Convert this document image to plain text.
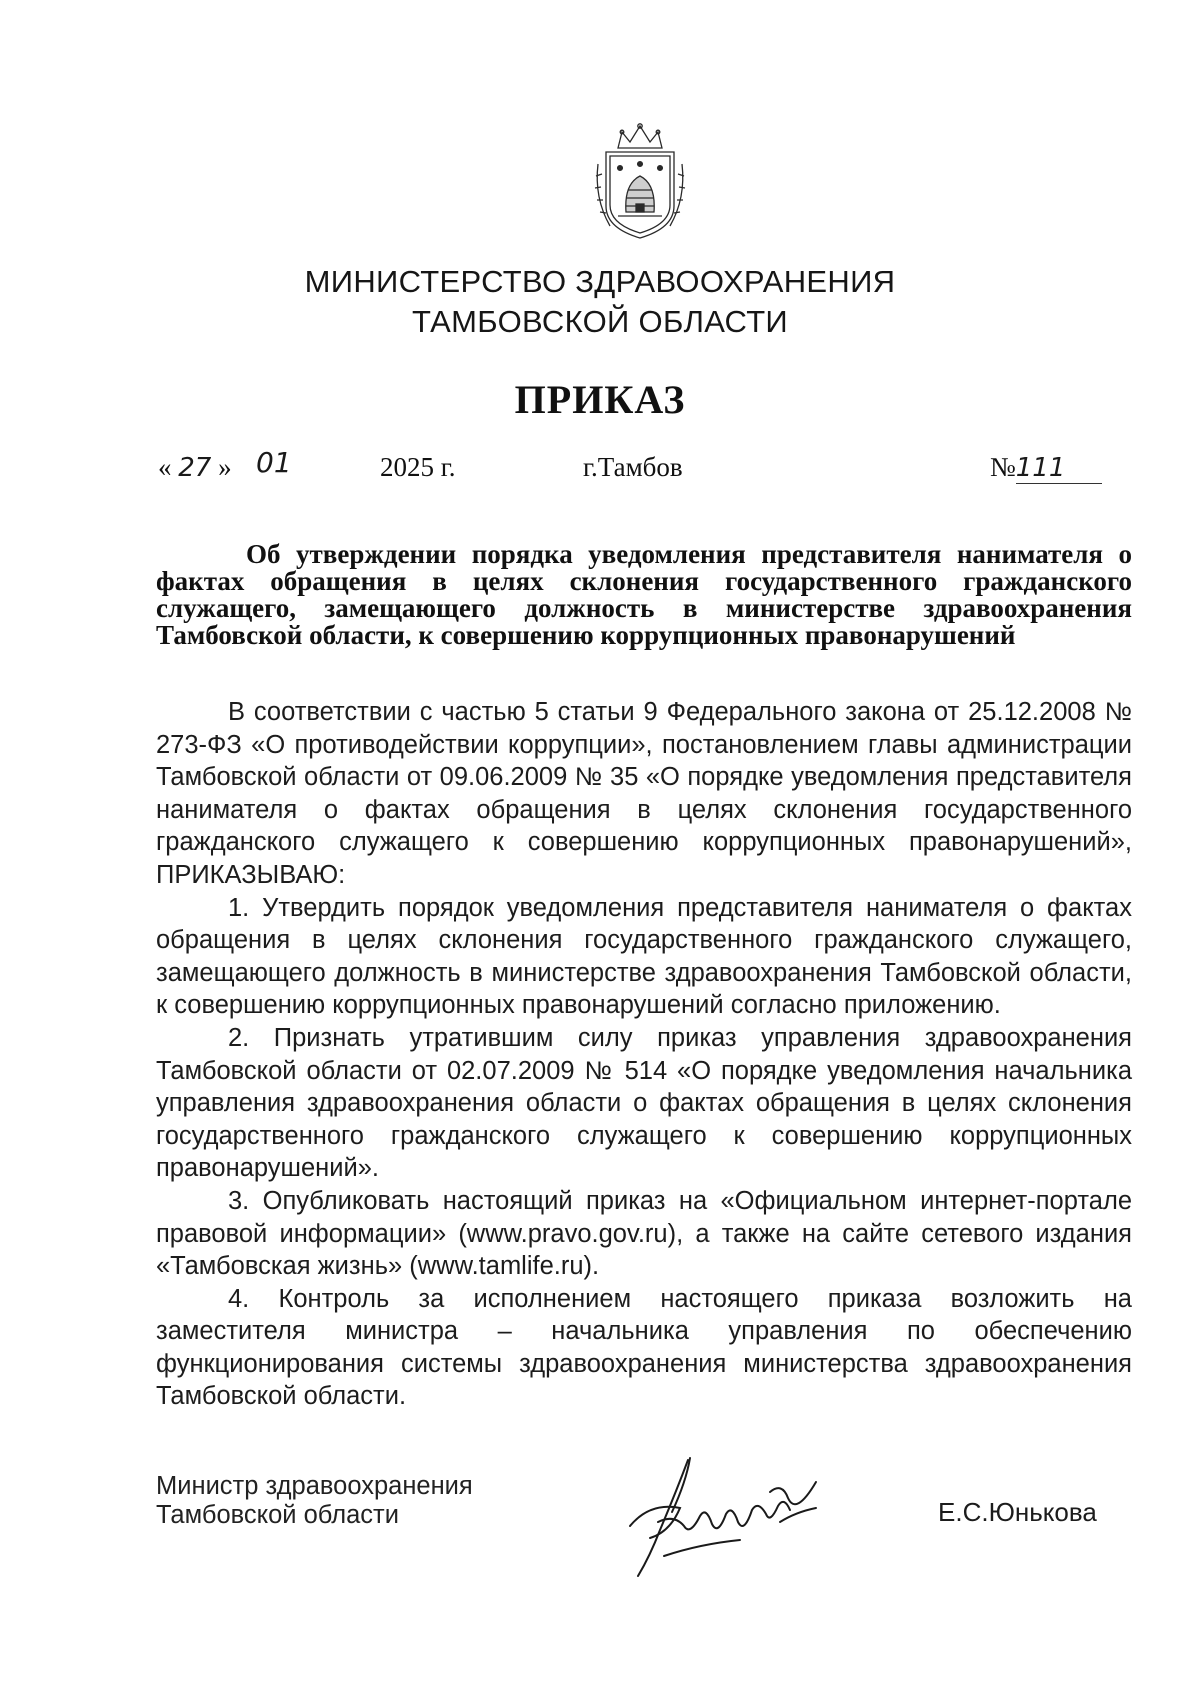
МИНИСТЕРСТВО ЗДРАВООХРАНЕНИЯ
ТАМБОВСКОЙ ОБЛАСТИ
ПРИКАЗ
« 27 » 01	2025 г.	г.Тамбов	№111
Об утверждении порядка уведомления представителя нанимателя о
фактах обращения в целях склонения государственного гражданского
служащего, замещающего должность в министерстве здравоохранения
Тамбовской области, к совершению коррупционных правонарушений

В соответствии с частью 5 статьи 9 Федерального закона от 25.12.2008 № 273-ФЗ «О противодействии коррупции», постановлением главы администрации Тамбовской области от 09.06.2009 № 35 «О порядке уведомления представителя нанимателя о фактах обращения в целях склонения государственного гражданского служащего к совершению коррупционных правонарушений», ПРИКАЗЫВАЮ:

1. Утвердить порядок уведомления представителя нанимателя о фактах обращения в целях склонения государственного гражданского служащего, замещающего должность в министерстве здравоохранения Тамбовской области, к совершению коррупционных правонарушений согласно приложению.

2. Признать утратившим силу приказ управления здравоохранения Тамбовской области от 02.07.2009 № 514 «О порядке уведомления начальника управления здравоохранения области о фактах обращения в целях склонения государственного гражданского служащего к совершению коррупционных правонарушений».

3. Опубликовать настоящий приказ на «Официальном интернет-портале правовой информации» (www.pravo.gov.ru), а также на сайте сетевого издания «Тамбовская жизнь» (www.tamlife.ru).

4. Контроль за исполнением настоящего приказа возложить на заместителя министра – начальника управления по обеспечению функционирования системы здравоохранения министерства здравоохранения Тамбовской области.

Министр здравоохранения
Тамбовской области	Е.С.Юнькова
